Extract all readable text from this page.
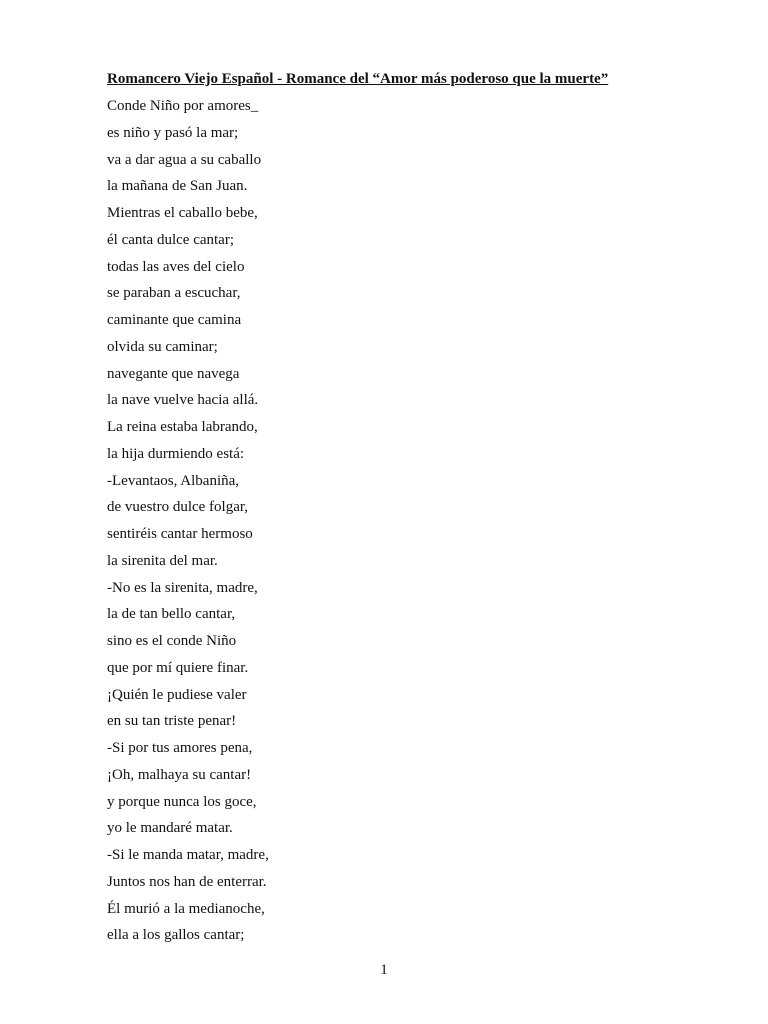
Romancero Viejo Español - Romance del “Amor más poderoso que la muerte”
Conde Niño por amores_
es niño y pasó la mar;
va a dar agua a su caballo
la mañana de San Juan.
Mientras el caballo bebe,
él canta dulce cantar;
todas las aves del cielo
se paraban a escuchar,
caminante que camina
olvida su caminar;
navegante que navega
la nave vuelve hacia allá.
La reina estaba labrando,
la hija durmiendo está:
-Levantaos, Albaniña,
de vuestro dulce folgar,
sentiréis cantar hermoso
la sirenita del mar.
-No es la sirenita, madre,
la de tan bello cantar,
sino es el conde Niño
que por mí quiere finar.
¡Quién le pudiese valer
en su tan triste penar!
-Si por tus amores pena,
¡Oh, malhaya su cantar!
y porque nunca los goce,
yo le mandaré matar.
-Si le manda matar, madre,
Juntos nos han de enterrar.
Él murió a la medianoche,
ella a los gallos cantar;
1
